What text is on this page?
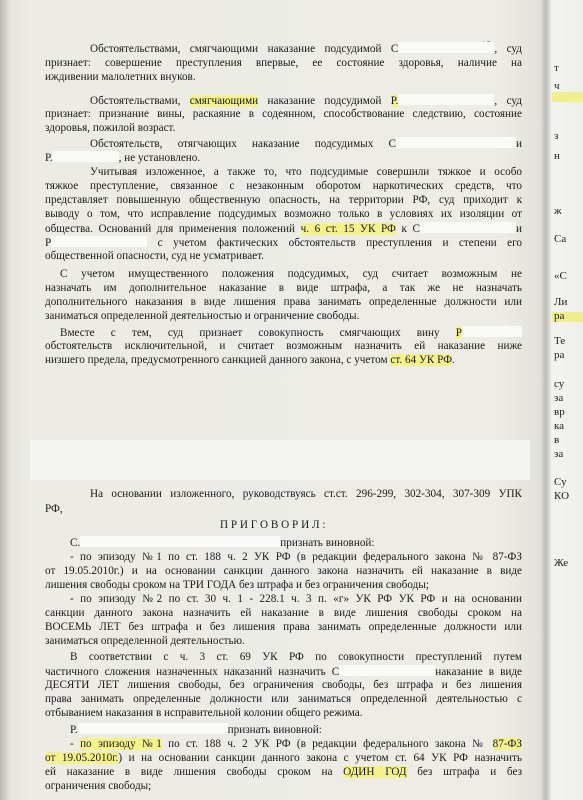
т
ч
з
н
ж
Са
«С
Ли
ра
Те
ра
су
за
вр
ка
в
за
Су
КО
Же
Обстоятельствами, смягчающими наказание подсудимой С	, суд
признает: совершение преступления впервые, ее состояние здоровья, наличие на
иждивении малолетних внуков.
Обстоятельствами, смягчающими наказание подсудимой Р.	, суд
признает: признание вины, раскаяние в содеянном, способствование следствию, состояние
здоровья, пожилой возраст.
Обстоятельств, отягчающих наказание подсудимых С	и
Р.	, не установлено.
Учитывая изложенное, а также то, что подсудимые совершили тяжкое и особо
тяжкое преступление, связанное с незаконным оборотом наркотических средств, что
представляет повышенную общественную опасность, на территории РФ, суд приходит к
выводу о том, что исправление подсудимых возможно только в условиях их изоляции от
общества. Оснований для применения положений ч. 6 ст. 15 УК РФ к С	и
Р	с учетом фактических обстоятельств преступления и степени его
общественной опасности, суд не усматривает.
С учетом имущественного положения подсудимых, суд считает возможным не
назначать им дополнительное наказание в виде штрафа, а так же не назначать
дополнительного наказания в виде лишения права занимать определенные должности или
заниматься определенной деятельностью и ограничение свободы.
Вместе с тем, суд признает совокупность смягчающих вину Р
обстоятельств исключительной, и считает возможным назначить ей наказание ниже
низшего предела, предусмотренного санкцией данного закона, с учетом ст. 64 УК РФ.
На основании изложенного, руководствуясь ст.ст. 296-299, 302-304, 307-309 УПК
РФ,
П Р И Г О В О Р И Л :
С.	признать виновной:
- по эпизоду №1 по ст. 188 ч. 2 УК РФ (в редакции федерального закона № 87-ФЗ
от 19.05.2010г.) и на основании санкции данного закона назначить ей наказание в виде
лишения свободы сроком на ТРИ ГОДА без штрафа и без ограничения свободы;
- по эпизоду №2 по ст. 30 ч. 1 - 228.1 ч. 3 п. «г» УК РФ УК РФ и на основании
санкции данного закона назначить ей наказание в виде лишения свободы сроком на
ВОСЕМЬ ЛЕТ без штрафа и без лишения права занимать определенные должности или
заниматься определенной деятельностью.
В соответствии с ч. 3 ст. 69 УК РФ по совокупности преступлений путем
частичного сложения назначенных наказаний назначить С	наказание в виде
ДЕСЯТИ ЛЕТ лишения свободы, без ограничения свободы, без штрафа и без лишения
права занимать определенные должности или заниматься определенной деятельностью с
отбыванием наказания в исправительной колонии общего режима.
Р.	признать виновной:
- по эпизоду №1 по ст. 188 ч. 2 УК РФ (в редакции федерального закона № 87-ФЗ
от 19.05.2010г.) и на основании санкции данного закона с учетом ст. 64 УК РФ назначить
ей наказание в виде лишения свободы сроком на ОДИН ГОД без штрафа и без
ограничения свободы;
